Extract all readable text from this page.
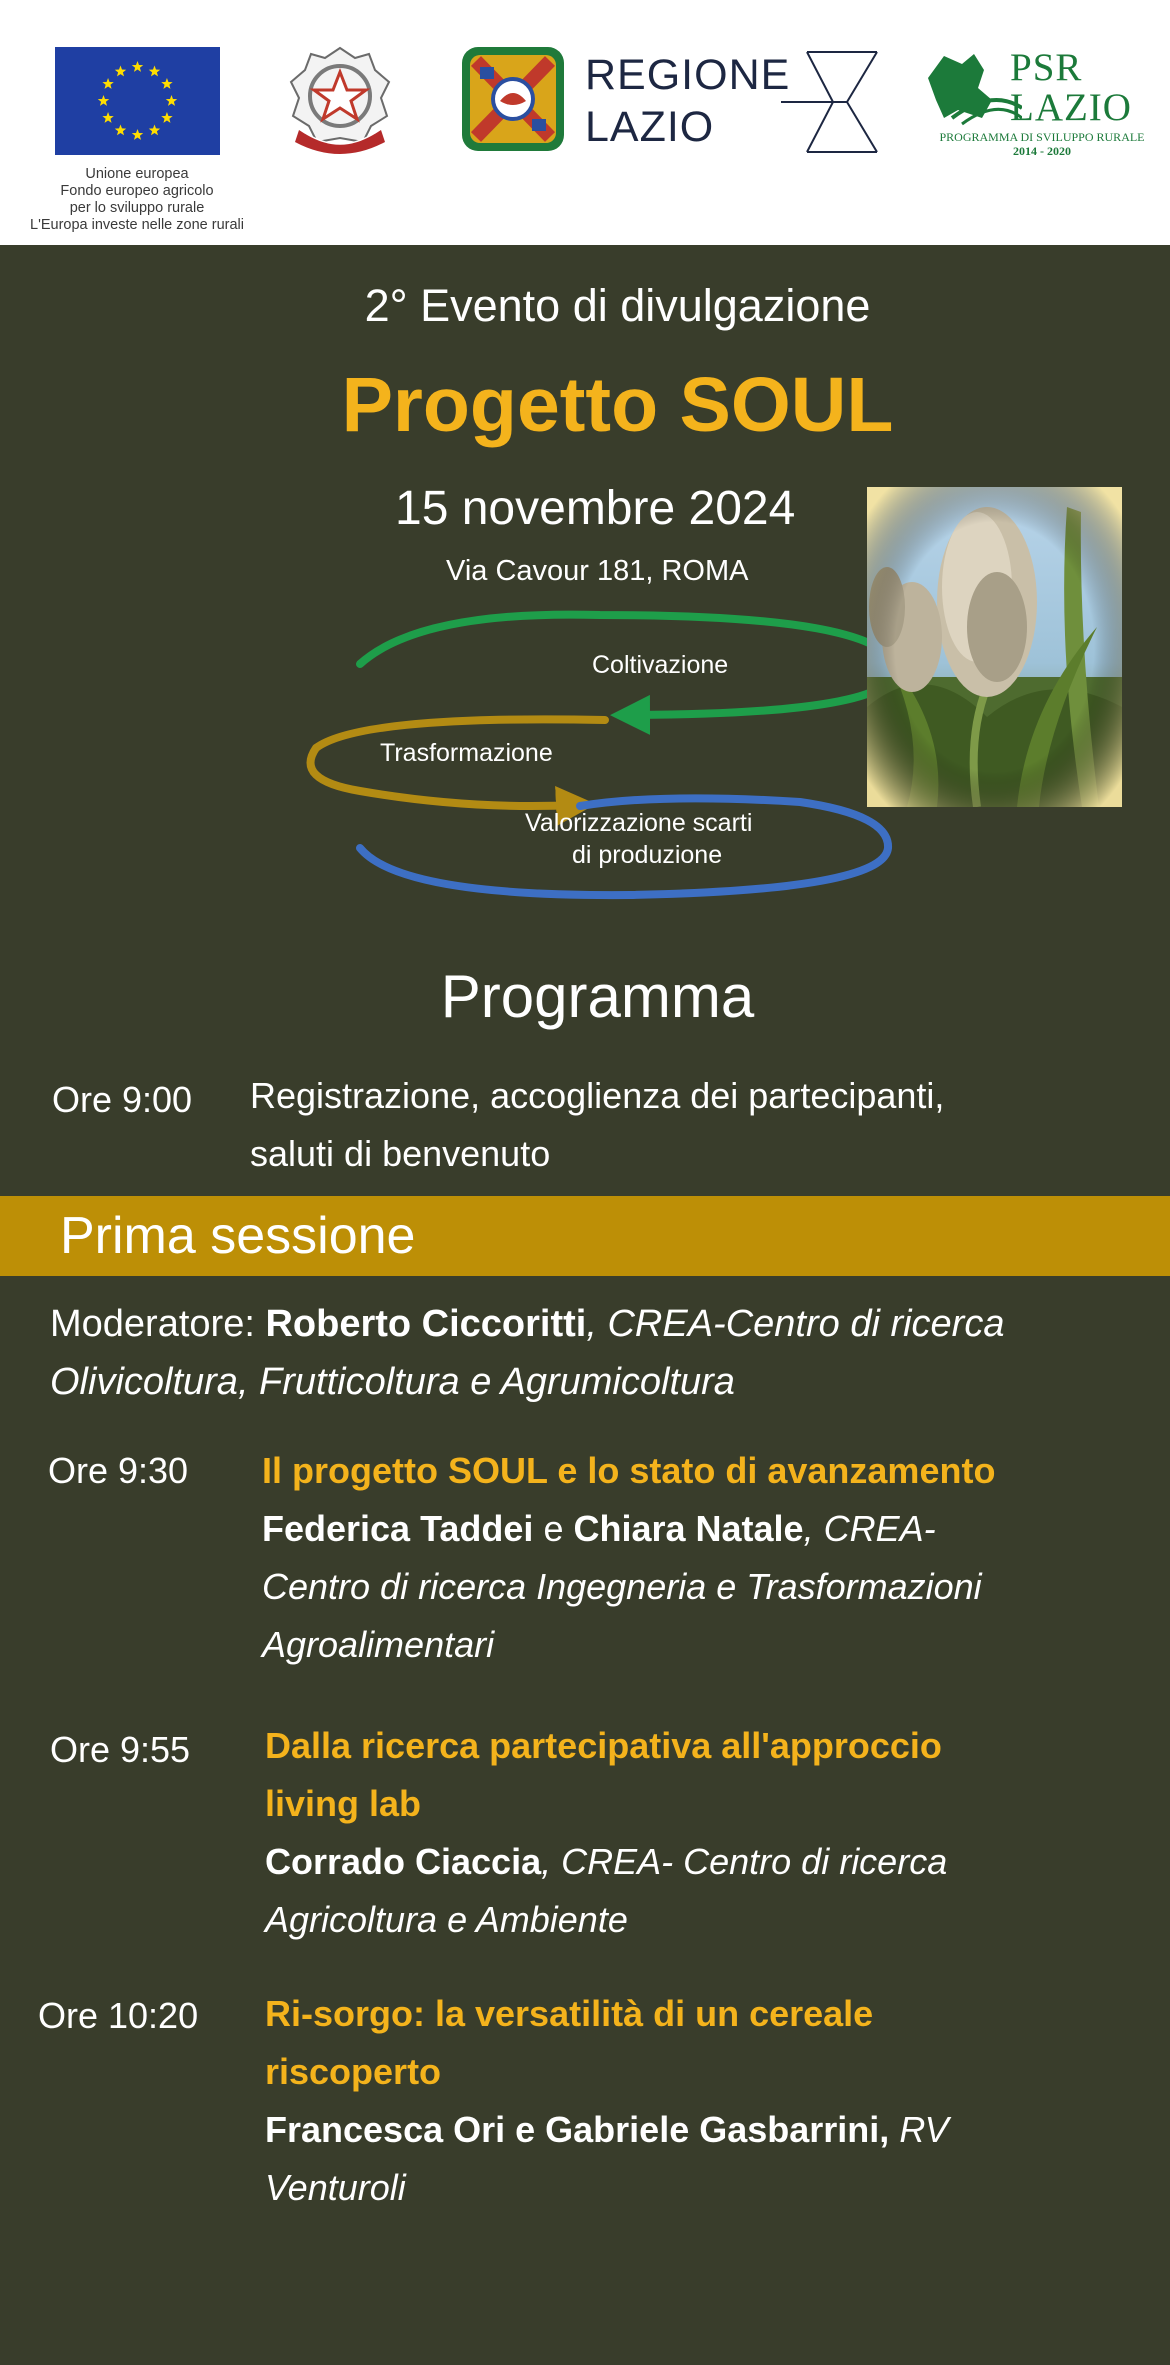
Unione europea
Fondo europeo agricolo
per lo sviluppo rurale
L'Europa investe nelle zone rurali
REGIONE
LAZIO
PSR
LAZIO
PROGRAMMA DI SVILUPPO RURALE
2014 - 2020
2° Evento di divulgazione
Progetto SOUL
15 novembre 2024
Via Cavour 181, ROMA
Coltivazione
Trasformazione
Valorizzazione scarti
di produzione
Programma
Ore 9:00 Registrazione, accoglienza dei partecipanti,
saluti di benvenuto
Prima sessione
Moderatore: Roberto Ciccoritti, CREA-Centro di ricerca
Olivicoltura, Frutticoltura e Agrumicoltura
Ore 9:30 Il progetto SOUL e lo stato di avanzamento
Federica Taddei e Chiara Natale, CREA-
Centro di ricerca Ingegneria e Trasformazioni
Agroalimentari
Ore 9:55 Dalla ricerca partecipativa all'approccio
living lab
Corrado Ciaccia, CREA- Centro di ricerca
Agricoltura e Ambiente
Ore 10:20 Ri-sorgo: la versatilità di un cereale
riscoperto
Francesca Ori e Gabriele Gasbarrini, RV
Venturoli
